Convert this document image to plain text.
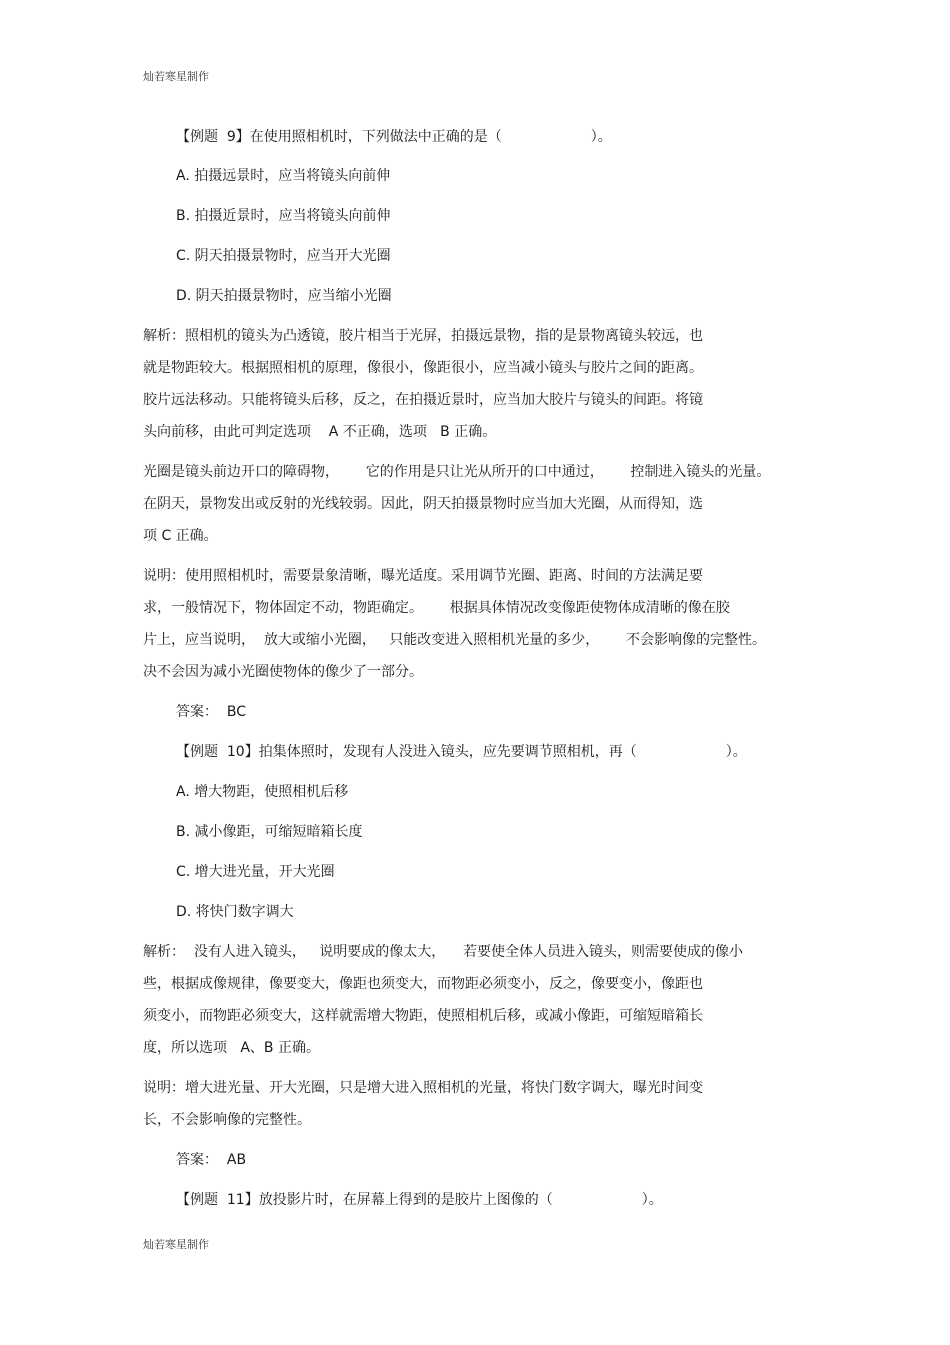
灿若寒星制作
【例题  9】在使用照相机时，下列做法中正确的是（                    ）。
A. 拍摄远景时，应当将镜头向前伸
B. 拍摄近景时，应当将镜头向前伸
C. 阴天拍摄景物时，应当开大光圈
D. 阴天拍摄景物时，应当缩小光圈
解析：照相机的镜头为凸透镜，胶片相当于光屏，拍摄远景物，指的是景物离镜头较远，也
就是物距较大。根据照相机的原理，像很小，像距很小，应当减小镜头与胶片之间的距离。
胶片远法移动。只能将镜头后移，反之，在拍摄近景时，应当加大胶片与镜头的间距。将镜
头向前移，由此可判定选项    A 不正确，选项   B 正确。
光圈是镜头前边开口的障碍物，      它的作用是只让光从所开的口中通过，      控制进入镜头的光量。
在阴天，景物发出或反射的光线较弱。因此，阴天拍摄景物时应当加大光圈，从而得知，选
项 C 正确。
说明：使用照相机时，需要景象清晰，曝光适度。采用调节光圈、距离、时间的方法满足要
求，一般情况下，物体固定不动，物距确定。      根据具体情况改变像距使物体成清晰的像在胶
片上，应当说明，  放大或缩小光圈，   只能改变进入照相机光量的多少，      不会影响像的完整性。
决不会因为减小光圈使物体的像少了一部分。
答案：  BC
【例题  10】拍集体照时，发现有人没进入镜头，应先要调节照相机，再（                    ）。
A. 增大物距，使照相机后移
B. 减小像距，可缩短暗箱长度
C. 增大进光量，开大光圈
D. 将快门数字调大
解析：  没有人进入镜头，   说明要成的像太大，    若要使全体人员进入镜头，则需要使成的像小
些，根据成像规律，像要变大，像距也须变大，而物距必须变小，反之，像要变小，像距也
须变小，而物距必须变大，这样就需增大物距，使照相机后移，或减小像距，可缩短暗箱长
度，所以选项   A、B 正确。
说明：增大进光量、开大光圈，只是增大进入照相机的光量，将快门数字调大，曝光时间变
长，不会影响像的完整性。
答案：  AB
【例题  11】放投影片时，在屏幕上得到的是胶片上图像的（                    ）。
灿若寒星制作
